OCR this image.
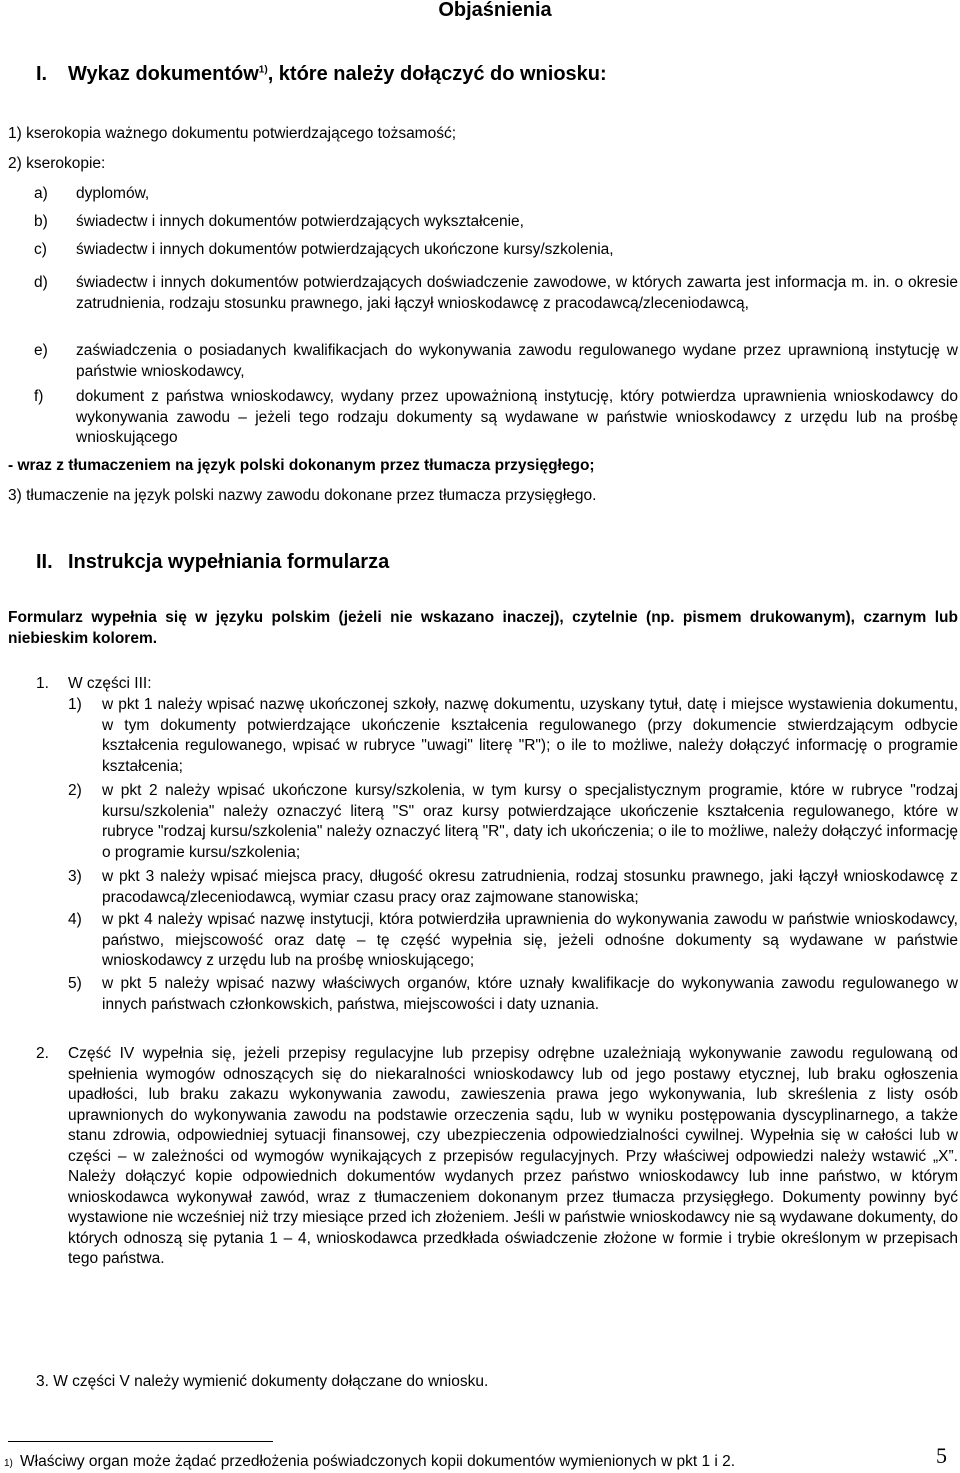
Objaśnienia
I. Wykaz dokumentów$^{1)}$, które należy dołączyć do wniosku:
1) kserokopia ważnego dokumentu potwierdzającego tożsamość;
2) kserokopie:
a) dyplomów,
b) świadectw i innych dokumentów potwierdzających wykształcenie,
c) świadectw i innych dokumentów potwierdzających ukończone kursy/szkolenia,
d) świadectw i innych dokumentów potwierdzających doświadczenie zawodowe, w których zawarta jest informacja m. in. o okresie zatrudnienia, rodzaju stosunku prawnego, jaki łączył wnioskodawcę z pracodawcą/zleceniodawcą,
e) zaświadczenia o posiadanych kwalifikacjach do wykonywania zawodu regulowanego wydane przez uprawnioną instytucję w państwie wnioskodawcy,
f) dokument z państwa wnioskodawcy, wydany przez upoważnioną instytucję, który potwierdza uprawnienia wnioskodawcy do wykonywania zawodu – jeżeli tego rodzaju dokumenty są wydawane w państwie wnioskodawcy z urzędu lub na prośbę wnioskującego
- wraz z tłumaczeniem na język polski dokonanym przez tłumacza przysięgłego;
3) tłumaczenie na język polski nazwy zawodu dokonane przez tłumacza przysięgłego.
II. Instrukcja wypełniania formularza
Formularz wypełnia się w języku polskim (jeżeli nie wskazano inaczej), czytelnie (np. pismem drukowanym), czarnym lub niebieskim kolorem.
1. W części III:
1) w pkt 1 należy wpisać nazwę ukończonej szkoły, nazwę dokumentu, uzyskany tytuł, datę i miejsce wystawienia dokumentu, w tym dokumenty potwierdzające ukończenie kształcenia regulowanego (przy dokumencie stwierdzającym odbycie kształcenia regulowanego, wpisać w rubryce "uwagi" literę "R"); o ile to możliwe, należy dołączyć informację o programie kształcenia;
2) w pkt 2 należy wpisać ukończone kursy/szkolenia, w tym kursy o specjalistycznym programie, które w rubryce "rodzaj kursu/szkolenia" należy oznaczyć literą "S" oraz kursy potwierdzające ukończenie kształcenia regulowanego, które w rubryce "rodzaj kursu/szkolenia" należy oznaczyć literą "R", daty ich ukończenia; o ile to możliwe, należy dołączyć informację o programie kursu/szkolenia;
3) w pkt 3 należy wpisać miejsca pracy, długość okresu zatrudnienia, rodzaj stosunku prawnego, jaki łączył wnioskodawcę z pracodawcą/zleceniodawcą, wymiar czasu pracy oraz zajmowane stanowiska;
4) w pkt 4 należy wpisać nazwę instytucji, która potwierdziła uprawnienia do wykonywania zawodu w państwie wnioskodawcy, państwo, miejscowość oraz datę – tę część wypełnia się, jeżeli odnośne dokumenty są wydawane w państwie wnioskodawcy z urzędu lub na prośbę wnioskującego;
5) w pkt 5 należy wpisać nazwy właściwych organów, które uznały kwalifikacje do wykonywania zawodu regulowanego w innych państwach członkowskich, państwa, miejscowości i daty uznania.
2. Część IV wypełnia się, jeżeli przepisy regulacyjne lub przepisy odrębne uzależniają wykonywanie zawodu regulowaną od spełnienia wymogów odnoszących się do niekaralności wnioskodawcy lub od jego postawy etycznej, lub braku ogłoszenia upadłości, lub braku zakazu wykonywania zawodu, zawieszenia prawa jego wykonywania, lub skreślenia z listy osób uprawnionych do wykonywania zawodu na podstawie orzeczenia sądu, lub w wyniku postępowania dyscyplinarnego, a także stanu zdrowia, odpowiedniej sytuacji finansowej, czy ubezpieczenia odpowiedzialności cywilnej. Wypełnia się w całości lub w części – w zależności od wymogów wynikających z przepisów regulacyjnych. Przy właściwej odpowiedzi należy wstawić „X”. Należy dołączyć kopie odpowiednich dokumentów wydanych przez państwo wnioskodawcy lub inne państwo, w którym wnioskodawca wykonywał zawód, wraz z tłumaczeniem dokonanym przez tłumacza przysięgłego. Dokumenty powinny być wystawione nie wcześniej niż trzy miesiące przed ich złożeniem. Jeśli w państwie wnioskodawcy nie są wydawane dokumenty, do których odnoszą się pytania 1 – 4, wnioskodawca przedkłada oświadczenie złożone w formie i trybie określonym w przepisach tego państwa.
3. W części V należy wymienić dokumenty dołączane do wniosku.
1) Właściwy organ może żądać przedłożenia poświadczonych kopii dokumentów wymienionych w pkt 1 i 2.	5
